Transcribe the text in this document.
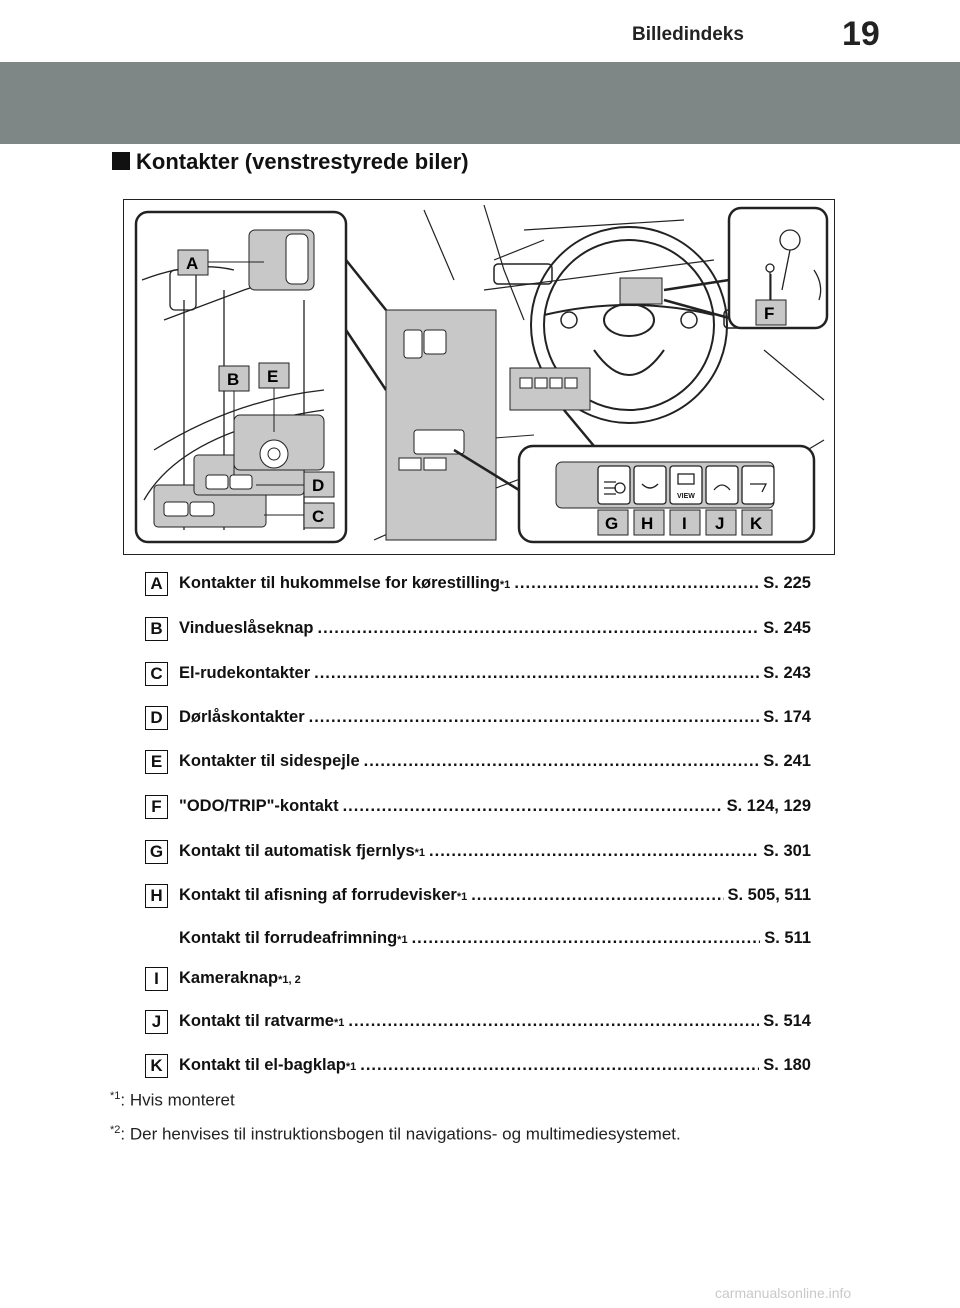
Billedindeks	19
Kontakter (venstrestyrede biler)
VIEW
A
B E
D
C
F
G H I J K
A Kontakter til hukommelse for kørestilling *1 .....	S. 225
B Vindueslåseknap .....	S. 245
C El-rudekontakter .....	S. 243
D Dørlåskontakter .....	S. 174
E	Kontakter til sidespejle .....	S. 241
F	"ODO/TRIP"-kontakt .....	S. 124, 129
G Kontakt til automatisk fjernlys *1 .....	S. 301
H Kontakt til afisning af forrudevisker *1 .....	S. 505, 511
Kontakt til forrudeafrimning *1 .....	S. 511
I	Kameraknap *1, 2
J	Kontakt til ratvarme *1 .....	S. 514
K Kontakt til el-bagklap *1 .....	S. 180
$^{*1}$: Hvis monteret
$^{*2}$: Der henvises til instruktionsbogen til navigations- og multimediesystemet.
carmanualsonline.info
